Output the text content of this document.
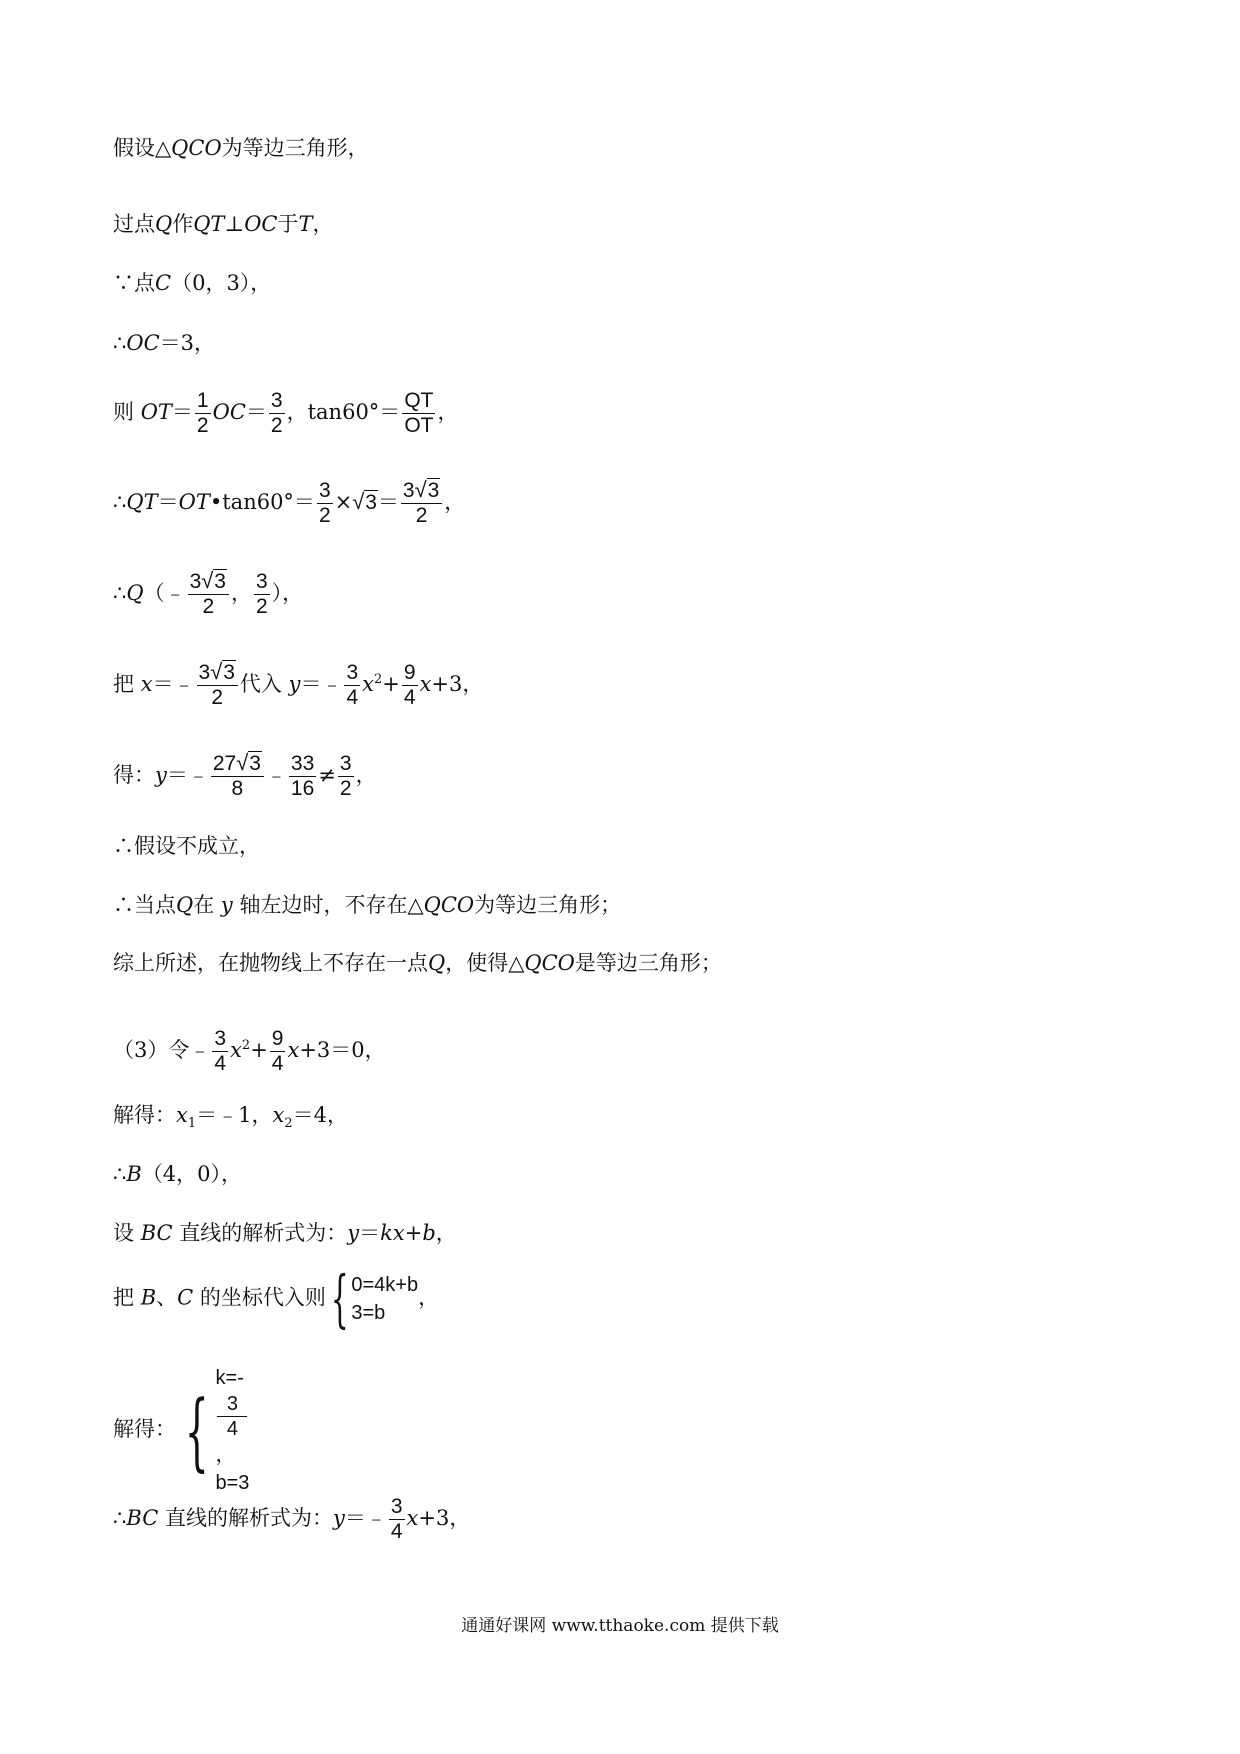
假设△QCO为等边三角形，
过点Q作QT⊥OC于T，
∵点C（0，3），
∴OC＝3，
则 $OT= \frac{1}{2} OC= \frac{3}{2}$ ，$\tan 60^\circ= \frac{QT}{OT}$ ，
∴QT＝OT•tan60°＝ $\frac{3}{2}$ × √ $3= \frac{3 √ 3}{2}$ ，
∴Q（﹣ $\frac{3 √ 3}{2}$ ， $\frac{3}{2}$ ），
把 x＝﹣ $\frac{3 √ 3}{2}$ 代入 y＝﹣ $\frac{3}{4} x^2+ \frac{9}{4} x+3$，
得：y＝﹣ $\frac{27 √ 3}{8}$ ﹣ $\frac{33}{16} \ne \frac{3}{2}$ ，
∴假设不成立，
∴当点Q在 y 轴左边时，不存在△QCO为等边三角形；
综上所述，在抛物线上不存在一点Q，使得△QCO是等边三角形；
（3）令﹣ $\frac{3}{4} x^2+ \frac{9}{4} x+3=0$，
解得：$x_1=﹣1$，$x_2=4$，
∴B（4，0），
设 BC 直线的解析式为：y＝kx+b，
把 B、C 的坐标代入则{ 0=4k+b
3=b
，
解得： {
k=-
3
4
，
b=3
∴BC 直线的解析式为：y＝﹣ $\frac{3}{4} x+3$，
通通好课网 www.tthaoke.com 提供下载
